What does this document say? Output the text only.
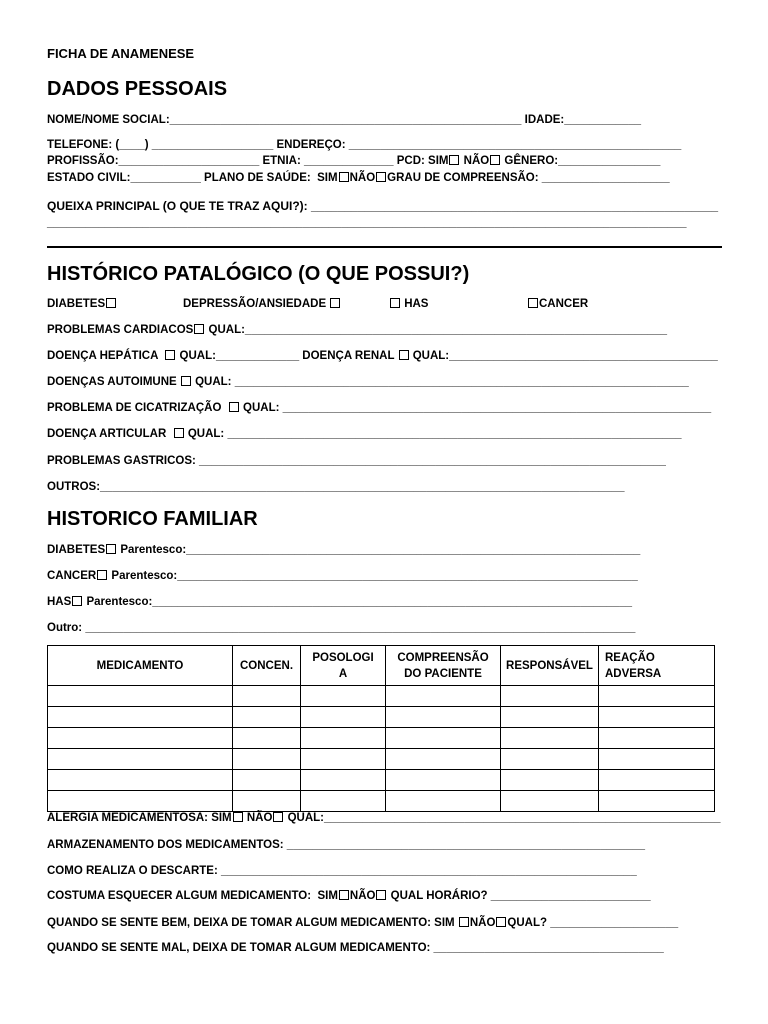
FICHA DE ANAMENESE
DADOS PESSOAIS
NOME/NOME SOCIAL:_______________________________________________________ IDADE:____________
TELEFONE: (____) ___________________ ENDEREÇO: ____________________________________________________
PROFISSÃO:______________________ ETNIA: ______________ PCD: SIM NÃO GÊNERO:________________
ESTADO CIVIL:___________ PLANO DE SAÚDE:  SIM NÃO GRAU DE COMPREENSÃO: ____________________
QUEIXA PRINCIPAL (O QUE TE TRAZ AQUI?): _____________________________________________________________
____________________________________________________________________________________________________
HISTÓRICO PATALÓGICO (O QUE POSSUI?)
DIABETES	DEPRESSÃO/ANSIEDADE	HAS	CANCER
PROBLEMAS CARDIACOS QUAL:__________________________________________________________________
DOENÇA HEPÁTICA   QUAL:_____________ DOENÇA RENAL  QUAL:__________________________________________
DOENÇAS AUTOIMUNE  QUAL: _______________________________________________________________________
PROBLEMA DE CICATRIZAÇÃO   QUAL: ___________________________________________________________________
DOENÇA ARTICULAR   QUAL: _______________________________________________________________________
PROBLEMAS GASTRICOS: _________________________________________________________________________
OUTROS:__________________________________________________________________________________
HISTORICO FAMILIAR
DIABETES Parentesco:_______________________________________________________________________
CANCER Parentesco:________________________________________________________________________
HAS Parentesco:___________________________________________________________________________
Outro: ______________________________________________________________________________________
MEDICAMENTO	CONCEN.	POSOLOGI A	COMPREENSÃO DO PACIENTE	RESPONSÁVEL	REAÇÃO ADVERSA

ALERGIA MEDICAMENTOSA: SIM NÃO QUAL:______________________________________________________________
ARMAZENAMENTO DOS MEDICAMENTOS: ________________________________________________________
COMO REALIZA O DESCARTE: _________________________________________________________________
COSTUMA ESQUECER ALGUM MEDICAMENTO:  SIM NÃO QUAL HORÁRIO? _________________________
QUANDO SE SENTE BEM, DEIXA DE TOMAR ALGUM MEDICAMENTO: SIM NÃO QUAL? ____________________
QUANDO SE SENTE MAL, DEIXA DE TOMAR ALGUM MEDICAMENTO: ____________________________________
